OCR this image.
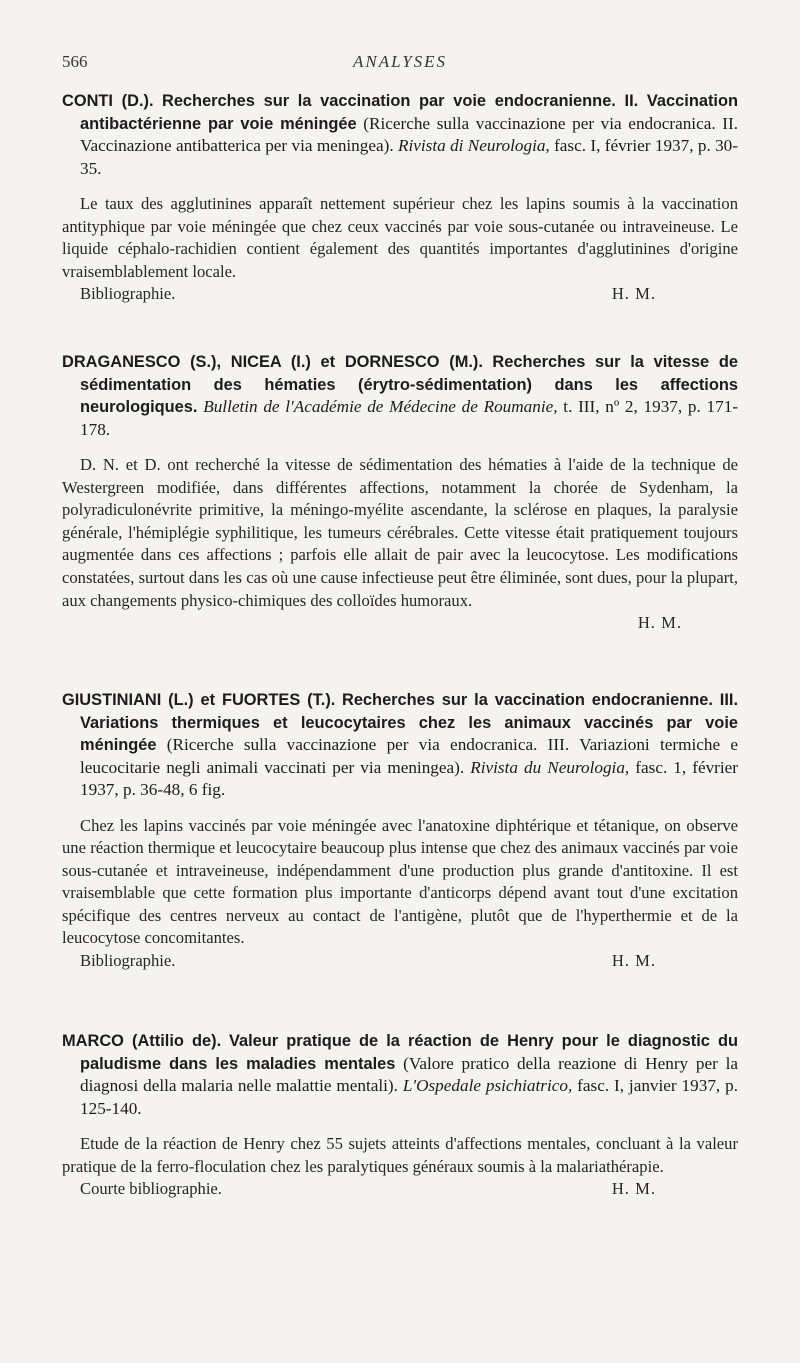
566	ANALYSES

CONTI (D.). Recherches sur la vaccination par voie endocranienne. II. Vaccination antibactérienne par voie méningée (Ricerche sulla vaccinazione per via endocranica. II. Vaccinazione antibatterica per via meningea). Rivista di Neurologia, fasc. I, février 1937, p. 30-35.

Le taux des agglutinines apparaît nettement supérieur chez les lapins soumis à la vaccination antityphique par voie méningée que chez ceux vaccinés par voie sous-cutanée ou intraveineuse. Le liquide céphalo-rachidien contient également des quantités importantes d'agglutinines d'origine vraisemblablement locale.

Bibliographie.	H. M.

DRAGANESCO (S.), NICEA (I.) et DORNESCO (M.). Recherches sur la vitesse de sédimentation des hématies (érytro-sédimentation) dans les affections neurologiques. Bulletin de l'Académie de Médecine de Roumanie, t. III, nº 2, 1937, p. 171-178.

D. N. et D. ont recherché la vitesse de sédimentation des hématies à l'aide de la technique de Westergreen modifiée, dans différentes affections, notamment la chorée de Sydenham, la polyradiculonévrite primitive, la méningo-myélite ascendante, la sclérose en plaques, la paralysie générale, l'hémiplégie syphilitique, les tumeurs cérébrales. Cette vitesse était pratiquement toujours augmentée dans ces affections ; parfois elle allait de pair avec la leucocytose. Les modifications constatées, surtout dans les cas où une cause infectieuse peut être éliminée, sont dues, pour la plupart, aux changements physico-chimiques des colloïdes humoraux.

H. M.

GIUSTINIANI (L.) et FUORTES (T.). Recherches sur la vaccination endocranienne. III. Variations thermiques et leucocytaires chez les animaux vaccinés par voie méningée (Ricerche sulla vaccinazione per via endocranica. III. Variazioni termiche e leucocitarie negli animali vaccinati per via meningea). Rivista du Neurologia, fasc. 1, février 1937, p. 36-48, 6 fig.

Chez les lapins vaccinés par voie méningée avec l'anatoxine diphtérique et tétanique, on observe une réaction thermique et leucocytaire beaucoup plus intense que chez des animaux vaccinés par voie sous-cutanée et intraveineuse, indépendamment d'une production plus grande d'antitoxine. Il est vraisemblable que cette formation plus importante d'anticorps dépend avant tout d'une excitation spécifique des centres nerveux au contact de l'antigène, plutôt que de l'hyperthermie et de la leucocytose concomitantes.

Bibliographie.	H. M.

MARCO (Attilio de). Valeur pratique de la réaction de Henry pour le diagnostic du paludisme dans les maladies mentales (Valore pratico della reazione di Henry per la diagnosi della malaria nelle malattie mentali). L'Ospedale psichiatrico, fasc. I, janvier 1937, p. 125-140.

Etude de la réaction de Henry chez 55 sujets atteints d'affections mentales, concluant à la valeur pratique de la ferro-floculation chez les paralytiques généraux soumis à la malariathérapie.

Courte bibliographie.	H. M.
